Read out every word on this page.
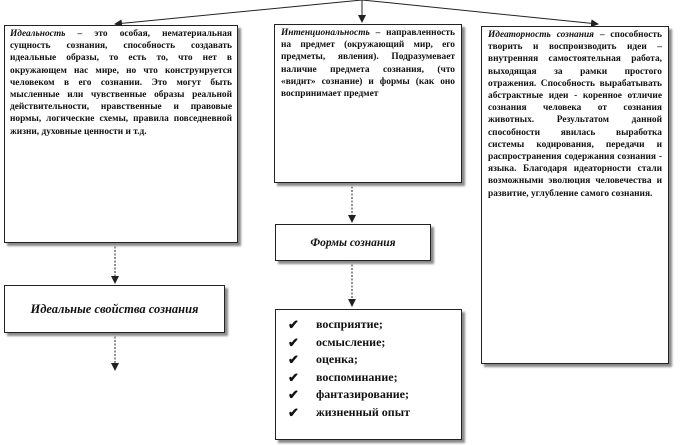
Идеальность – это особая, нематериальная сущность сознания, способность создавать идеальные образы, то есть то, что нет в окружающем нас мире, но что конструируется человеком в его сознании. Это могут быть мысленные или чувственные образы реальной действительности, нравственные и правовые нормы, логические схемы, правила повседневной жизни, духовные ценности и т.д.
Интенциональность – направленность на предмет (окружающий мир, его предметы, явления). Подразумевает наличие предмета сознания, (что «видит» сознание) и формы (как оно воспринимает предмет
Идеаторность сознания – способность творить и воспроизводить идеи – внутренняя самостоятельная работа, выходящая за рамки простого отражения. Способность вырабатывать абстрактные идеи - коренное отличие сознания человека от сознания животных. Результатом данной способности явилась выработка системы кодирования, передачи и распространения содержания сознания - языка. Благодаря идеаторности стали возможными эволюция человечества и развитие, углубление самого сознания.
Идеальные свойства сознания
Формы сознания
✔	восприятие;
✔	осмысление;
✔	оценка;
✔	воспоминание;
✔	фантазирование;
✔	жизненный опыт
